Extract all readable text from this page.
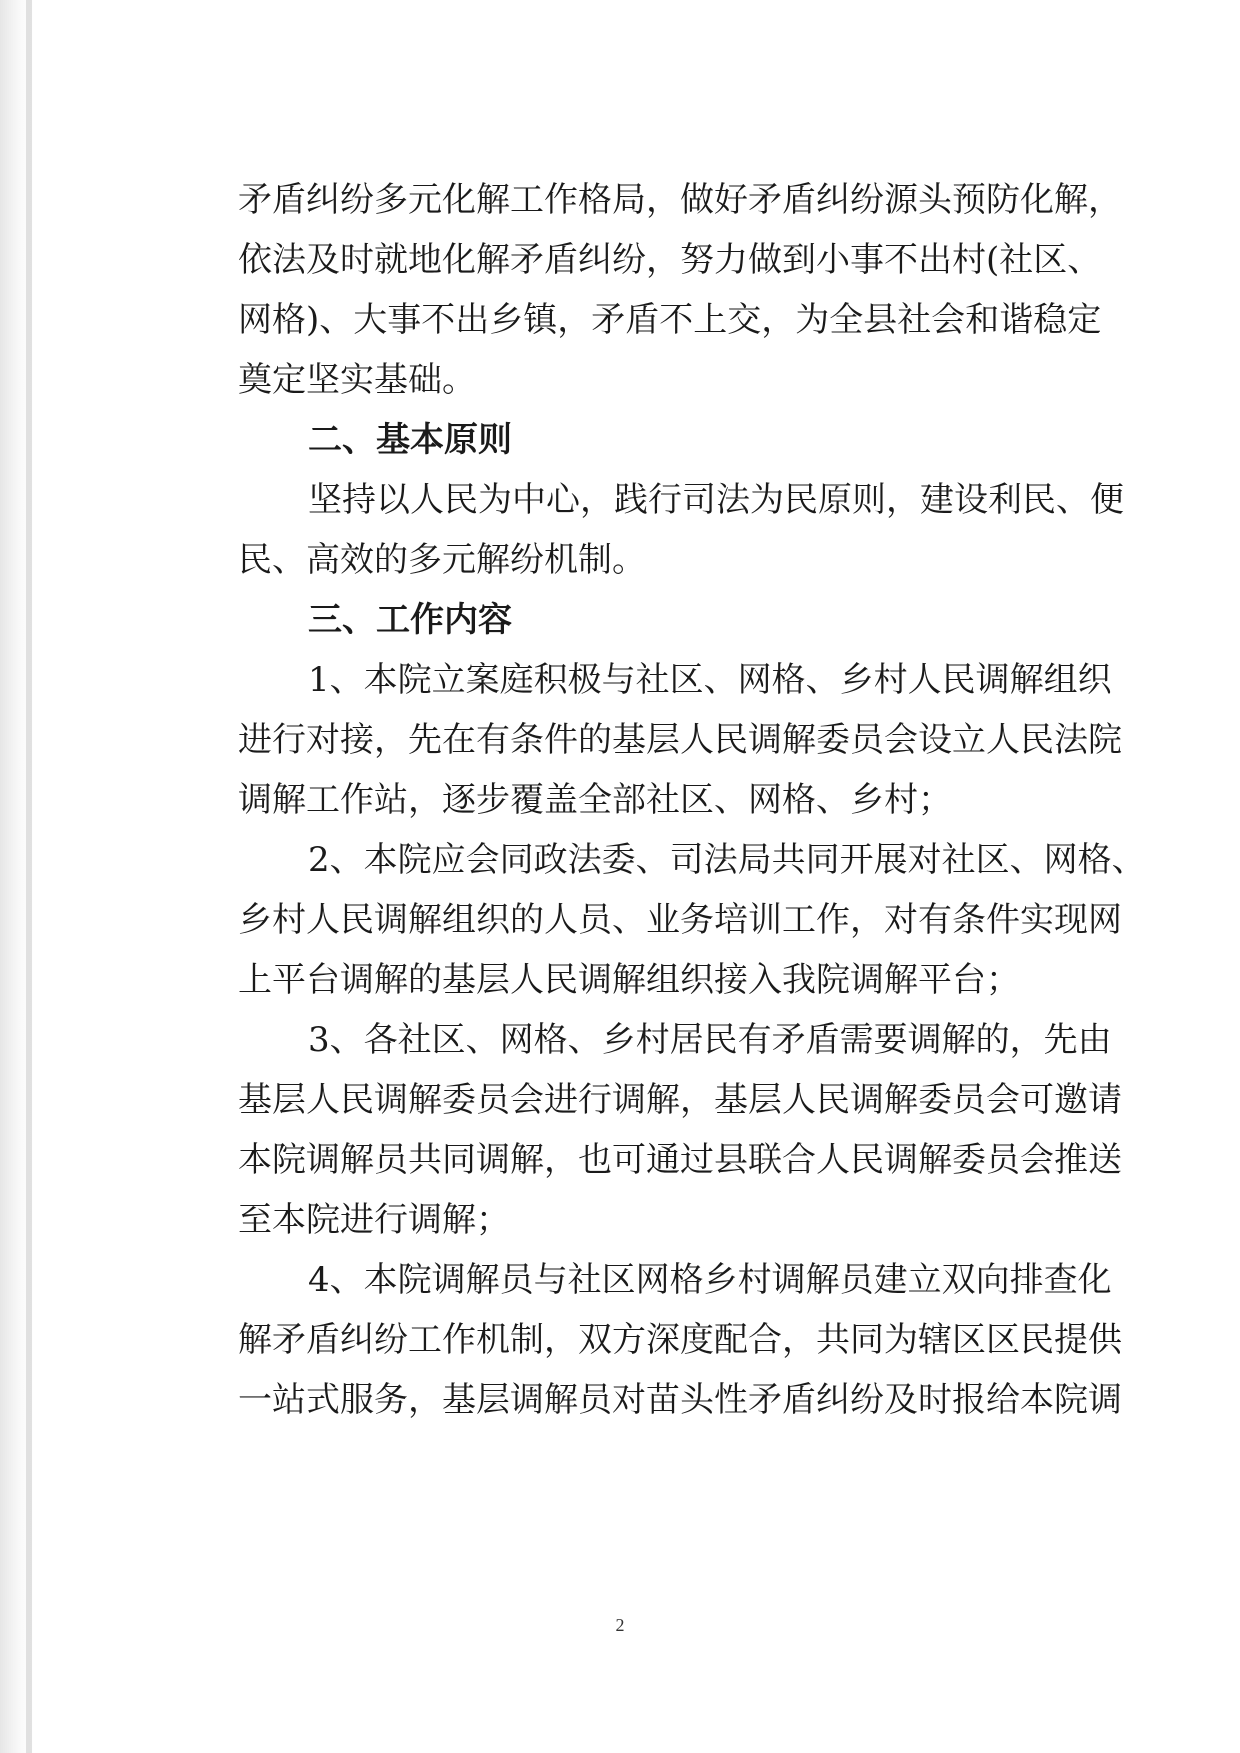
矛盾纠纷多元化解工作格局，做好矛盾纠纷源头预防化解，
依法及时就地化解矛盾纠纷，努力做到小事不出村(社区、
网格)、大事不出乡镇，矛盾不上交，为全县社会和谐稳定
奠定坚实基础。
二、基本原则
坚持以人民为中心，践行司法为民原则，建设利民、便
民、高效的多元解纷机制。
三、工作内容
1、本院立案庭积极与社区、网格、乡村人民调解组织
进行对接，先在有条件的基层人民调解委员会设立人民法院
调解工作站，逐步覆盖全部社区、网格、乡村；
2、本院应会同政法委、司法局共同开展对社区、网格、
乡村人民调解组织的人员、业务培训工作，对有条件实现网
上平台调解的基层人民调解组织接入我院调解平台；
3、各社区、网格、乡村居民有矛盾需要调解的，先由
基层人民调解委员会进行调解，基层人民调解委员会可邀请
本院调解员共同调解，也可通过县联合人民调解委员会推送
至本院进行调解；
4、本院调解员与社区网格乡村调解员建立双向排查化
解矛盾纠纷工作机制，双方深度配合，共同为辖区区民提供
一站式服务，基层调解员对苗头性矛盾纠纷及时报给本院调
2
